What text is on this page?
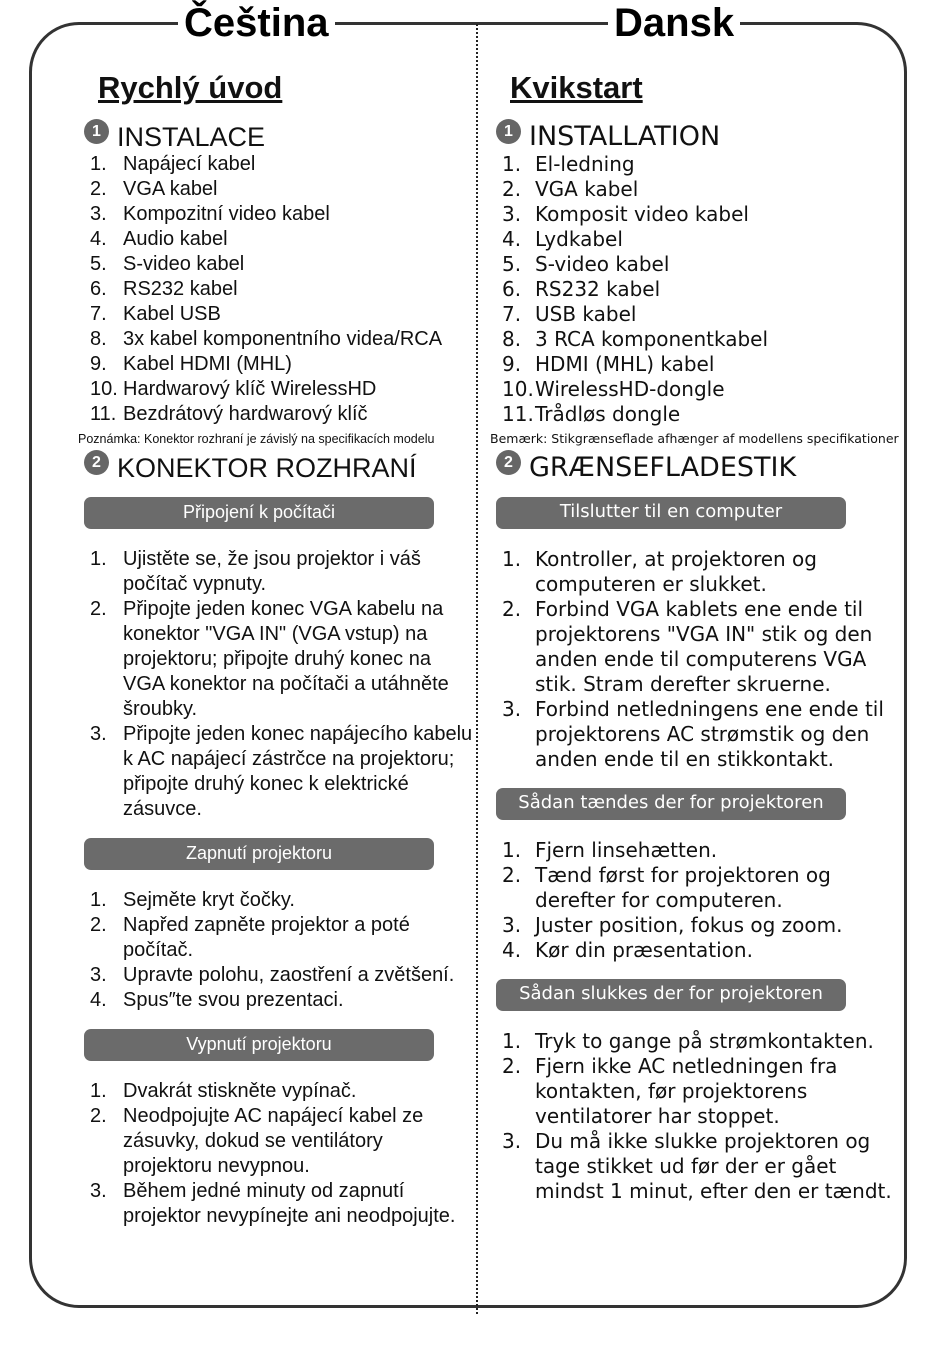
Čeština	Dansk
Rychlý úvod
1 INSTALACE
1. Napájecí kabel
2. VGA kabel
3. Kompozitní video kabel
4. Audio kabel
5. S-video kabel
6. RS232 kabel
7. Kabel USB
8. 3x kabel komponentního videa/RCA
9. Kabel HDMI (MHL)
10. Hardwarový klíč WirelessHD
11. Bezdrátový hardwarový klíč
Poznámka: Konektor rozhraní je závislý na specifikacích modelu
2 KONEKTOR ROZHRANÍ
Připojení k počítači
1. Ujistěte se, že jsou projektor i váš počítač vypnuty.
2. Připojte jeden konec VGA kabelu na konektor "VGA IN" (VGA vstup) na projektoru; připojte druhý konec na VGA konektor na počítači a utáhněte šroubky.
3. Připojte jeden konec napájecího kabelu k AC napájecí zástrčce na projektoru; připojte druhý konec k elektrické zásuvce.
Zapnutí projektoru
1. Sejměte kryt čočky.
2. Napřed zapněte projektor a poté počítač.
3. Upravte polohu, zaostření a zvětšení.
4. Spus″te svou prezentaci.
Vypnutí projektoru
1. Dvakrát stiskněte vypínač.
2. Neodpojujte AC napájecí kabel ze zásuvky, dokud se ventilátory projektoru nevypnou.
3. Během jedné minuty od zapnutí projektor nevypínejte ani neodpojujte.
Kvikstart
1 INSTALLATION
1. El-ledning
2. VGA kabel
3. Komposit video kabel
4. Lydkabel
5. S-video kabel
6. RS232 kabel
7. USB kabel
8. 3 RCA komponentkabel
9. HDMI (MHL) kabel
10. WirelessHD-dongle
11. Trådløs dongle
Bemærk: Stikgrænseflade afhænger af modellens specifikationer
2 GRÆNSEFLADESTIK
Tilslutter til en computer
1. Kontroller, at projektoren og computeren er slukket.
2. Forbind VGA kablets ene ende til projektorens "VGA IN" stik og den anden ende til computerens VGA stik. Stram derefter skruerne.
3. Forbind netledningens ene ende til projektorens AC strømstik og den anden ende til en stikkontakt.
Sådan tændes der for projektoren
1. Fjern linsehætten.
2. Tænd først for projektoren og derefter for computeren.
3. Juster position, fokus og zoom.
4. Kør din præsentation.
Sådan slukkes der for projektoren
1. Tryk to gange på strømkontakten.
2. Fjern ikke AC netledningen fra kontakten, før projektorens ventilatorer har stoppet.
3. Du må ikke slukke projektoren og tage stikket ud før der er gået mindst 1 minut, efter den er tændt.
